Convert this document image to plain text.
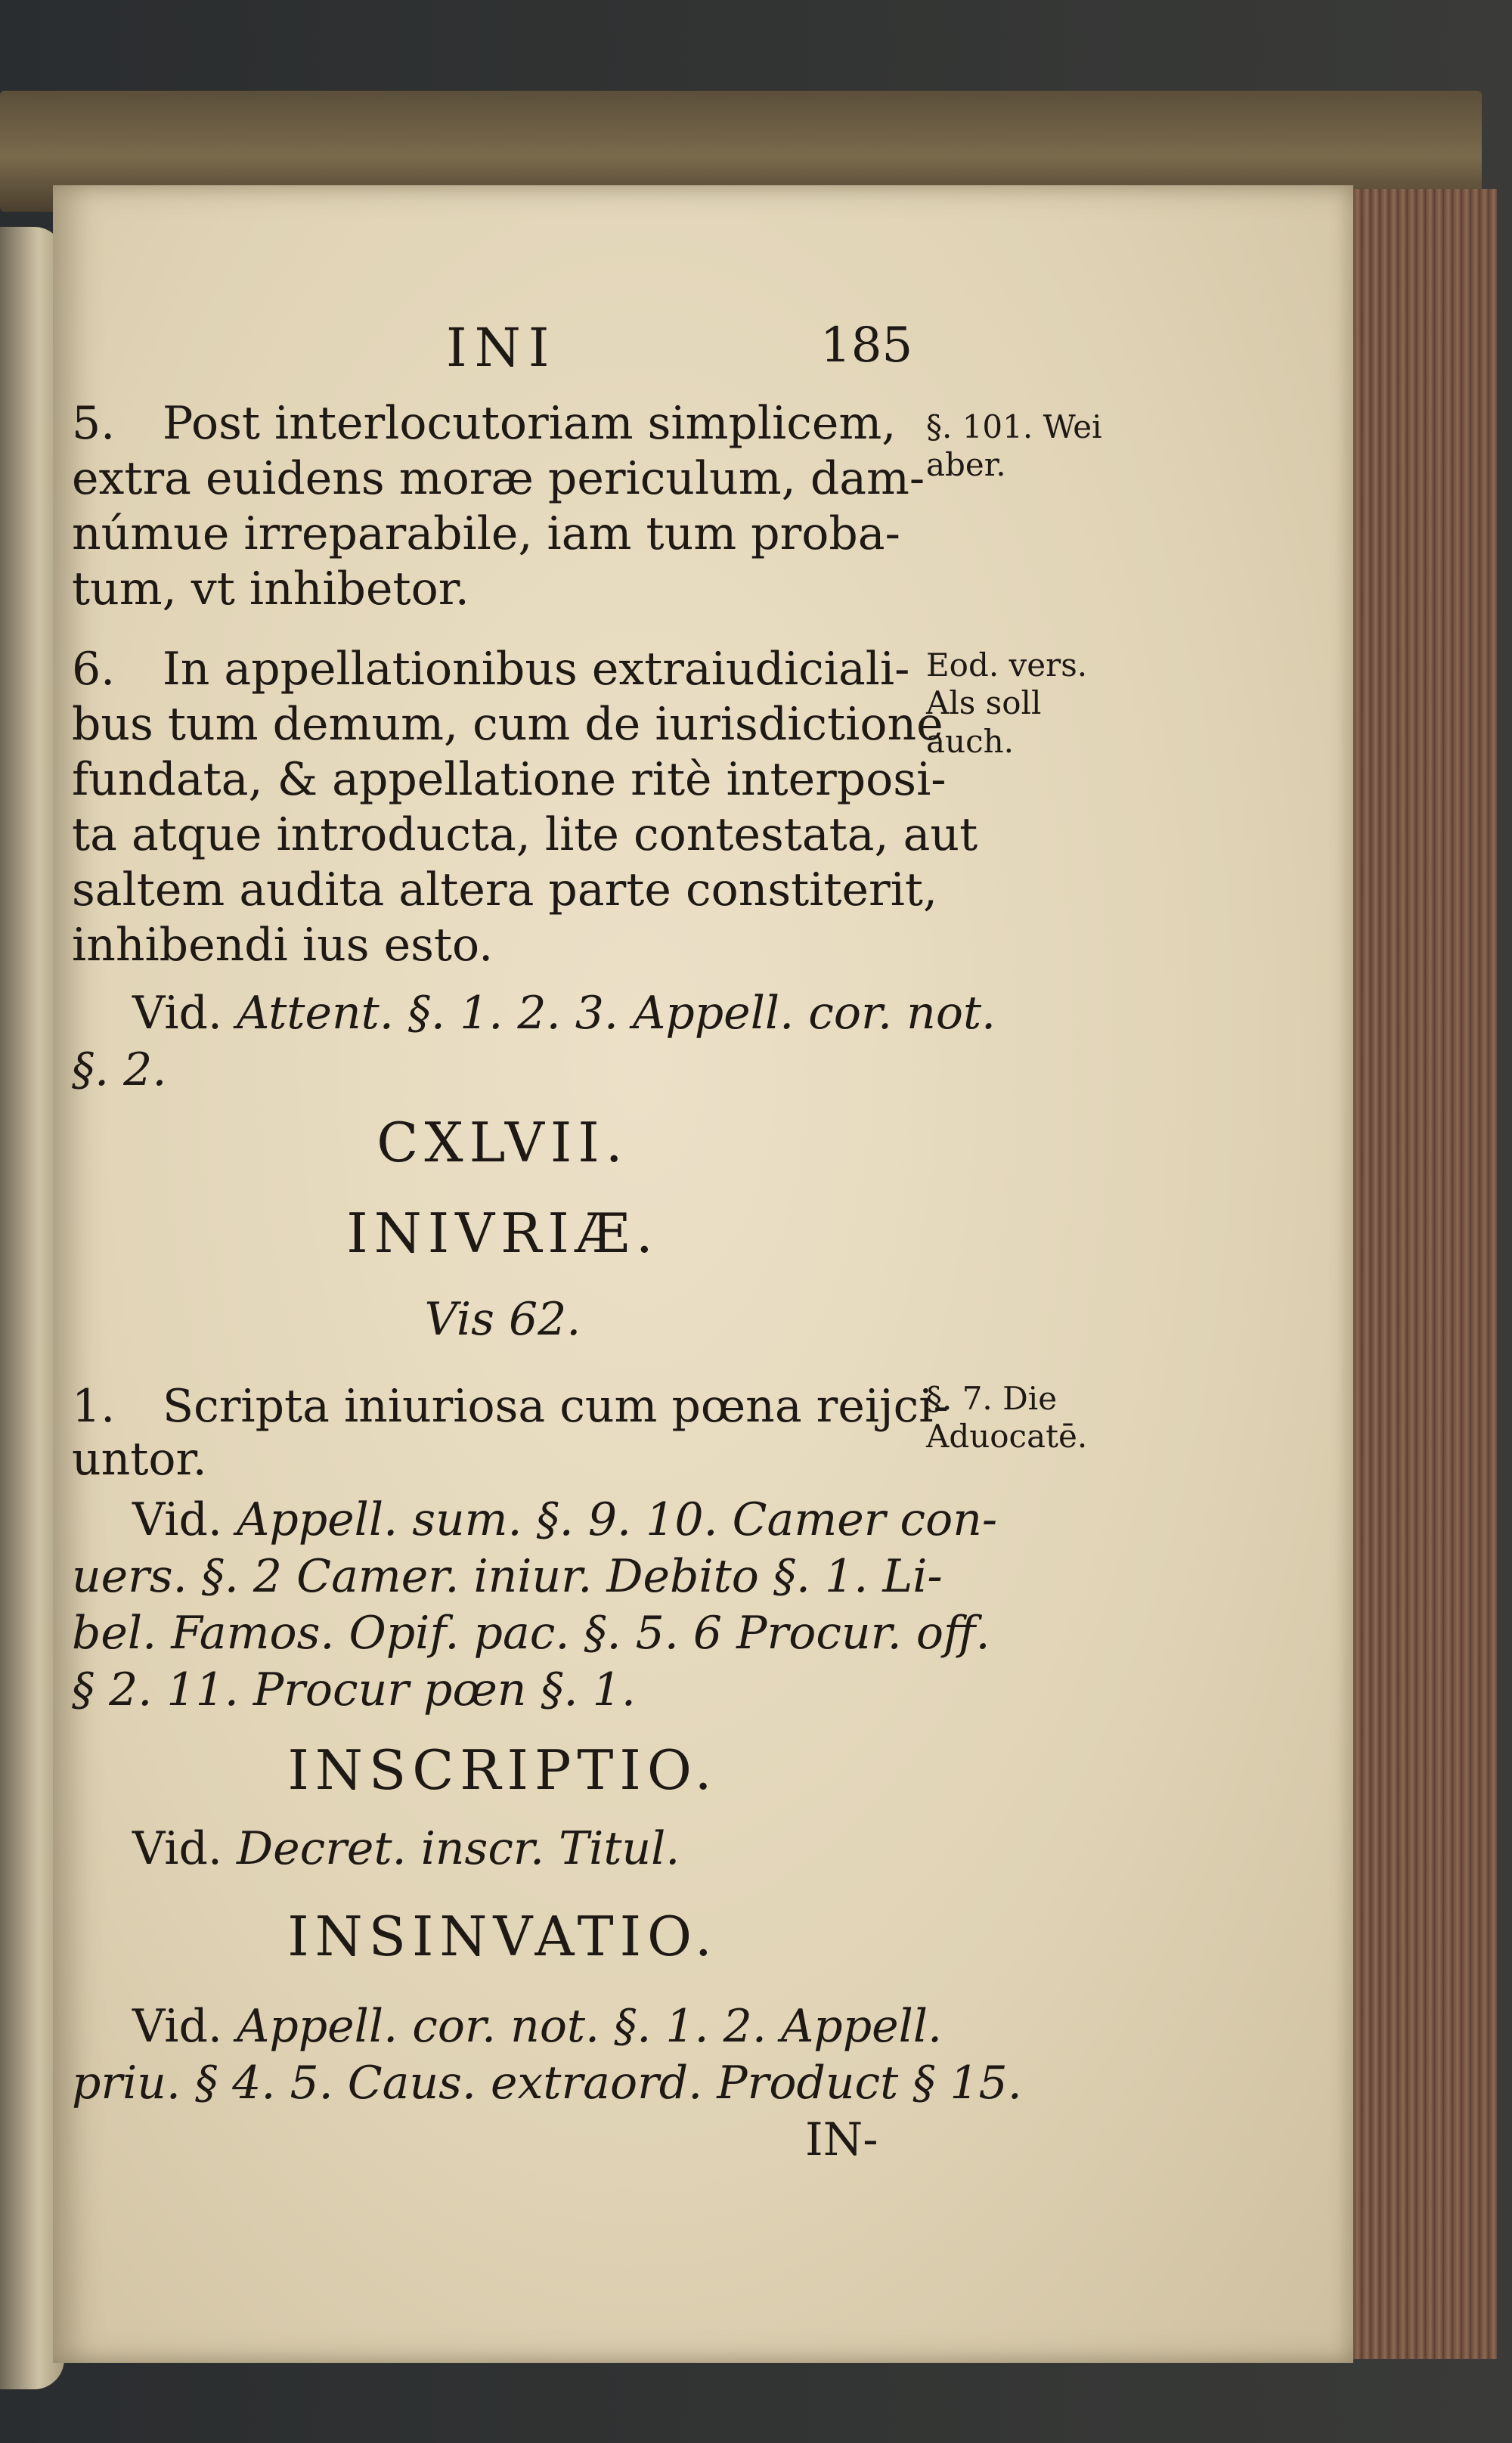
INI	185
5. Post interlocutoriam simplicem,
extra euidens moræ periculum, dam-
númue irreparabile, iam tum proba-
tum, vt inhibetor.
6. In appellationibus extraiudiciali-
bus tum demum, cum de iurisdictione
fundata, & appellatione ritè interposi-
ta atque introducta, lite contestata, aut
saltem audita altera parte constiterit,
inhibendi ius esto.
Vid. Attent. §. 1. 2. 3. Appell. cor. not.
§. 2.
CXLVII.
INIVRIÆ.
Vis 62.
1. Scripta iniuriosa cum pœna reijci-
untor.
Vid. Appell. sum. §. 9. 10. Camer con-
uers. §. 2 Camer. iniur. Debito §. 1. Li-
bel. Famos. Opif. pac. §. 5. 6 Procur. off.
§ 2. 11. Procur pœn §. 1.
INSCRIPTIO.
Vid. Decret. inscr. Titul.
INSINVATIO.
Vid. Appell. cor. not. §. 1. 2. Appell.
priu. § 4. 5. Caus. extraord. Product § 15.
IN-
§. 101. Wei
aber.
Eod. vers.
Als soll
auch.
§. 7. Die
Aduocatē.
